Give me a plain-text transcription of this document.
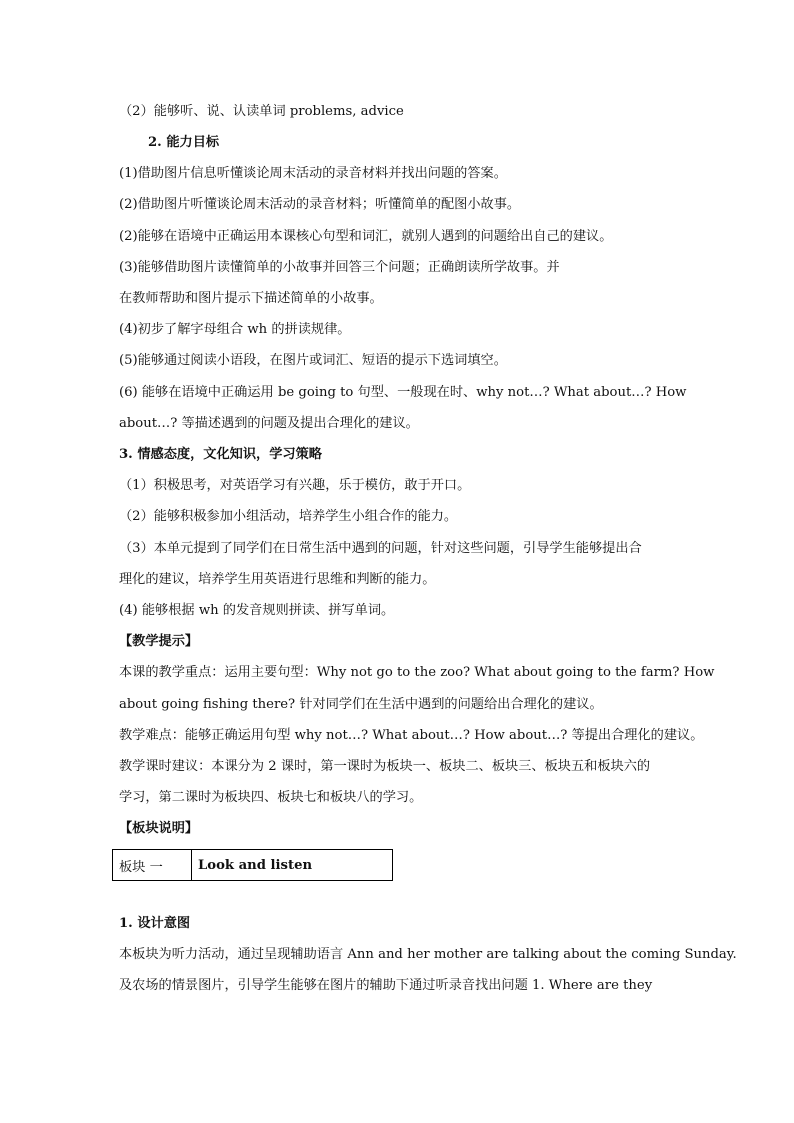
（2）能够听、说、认读单词 problems, advice
2. 能力目标
(1)借助图片信息听懂谈论周末活动的录音材料并找出问题的答案。
(2)借助图片听懂谈论周末活动的录音材料；听懂简单的配图小故事。
(2)能够在语境中正确运用本课核心句型和词汇，就别人遇到的问题给出自己的建议。
(3)能够借助图片读懂简单的小故事并回答三个问题；正确朗读所学故事。并
在教师帮助和图片提示下描述简单的小故事。
(4)初步了解字母组合 wh 的拼读规律。
(5)能够通过阅读小语段，在图片或词汇、短语的提示下选词填空。
(6) 能够在语境中正确运用 be going to 句型、一般现在时、why not…? What about…? How
about…? 等描述遇到的问题及提出合理化的建议。
3. 情感态度，文化知识，学习策略
（1）积极思考，对英语学习有兴趣，乐于模仿，敢于开口。
（2）能够积极参加小组活动，培养学生小组合作的能力。
（3）本单元提到了同学们在日常生活中遇到的问题，针对这些问题，引导学生能够提出合
理化的建议，培养学生用英语进行思维和判断的能力。
(4) 能够根据 wh 的发音规则拼读、拼写单词。
【教学提示】
本课的教学重点：运用主要句型：Why not go to the zoo? What about going to the farm? How
about going fishing there? 针对同学们在生活中遇到的问题给出合理化的建议。
教学难点：能够正确运用句型 why not…? What about…? How about…? 等提出合理化的建议。
教学课时建议：本课分为 2 课时，第一课时为板块一、板块二、板块三、板块五和板块六的
学习，第二课时为板块四、板块七和板块八的学习。
【板块说明】
板块 一	Look and listen
1. 设计意图
本板块为听力活动，通过呈现辅助语言 Ann and her mother are talking about the coming Sunday.
及农场的情景图片，引导学生能够在图片的辅助下通过听录音找出问题 1. Where are they
